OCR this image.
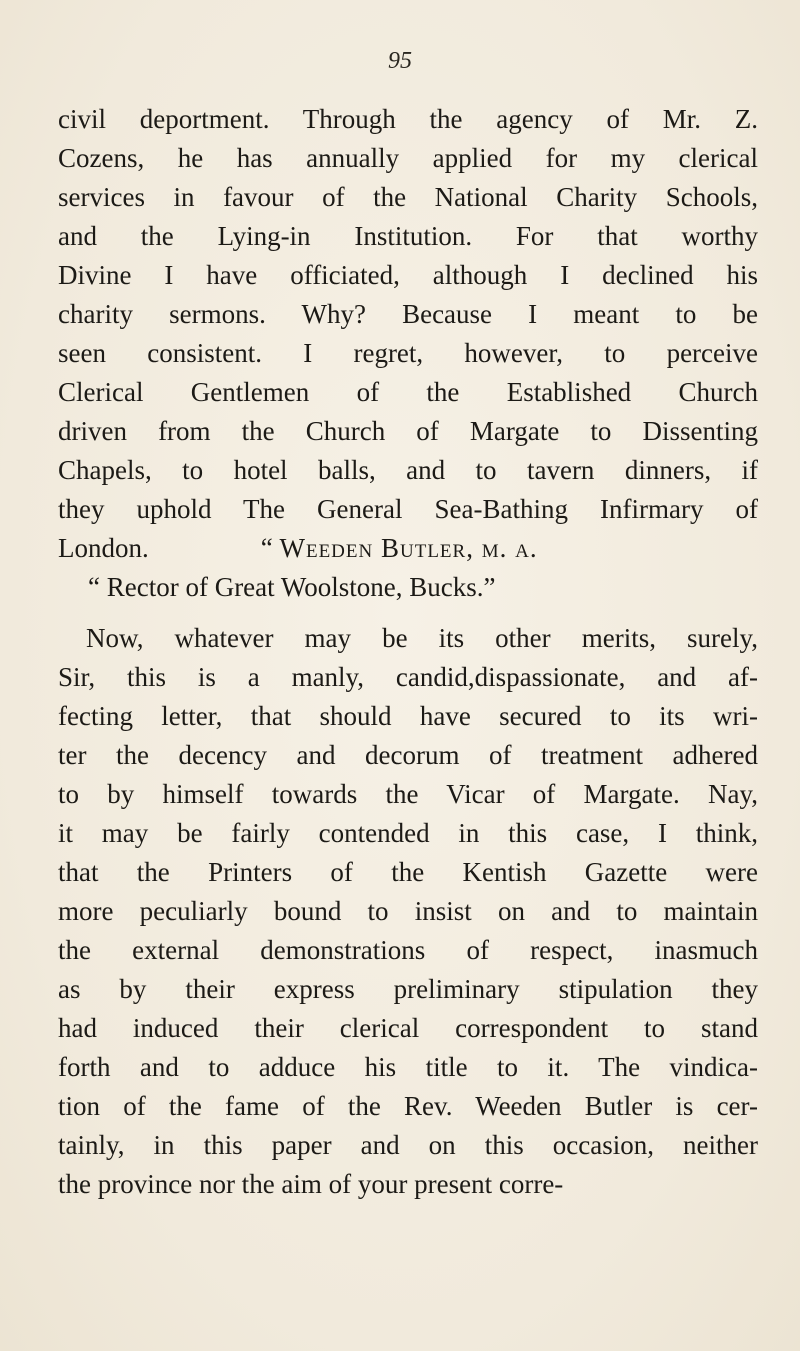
95
civil deportment. Through the agency of Mr. Z.
Cozens, he has annually applied for my clerical
services in favour of the National Charity Schools,
and the Lying-in Institution. For that worthy
Divine I have officiated, although I declined his
charity sermons. Why? Because I meant to be
seen consistent. I regret, however, to perceive
Clerical Gentlemen of the Established Church
driven from the Church of Margate to Dissenting
Chapels, to hotel balls, and to tavern dinners, if
they uphold The General Sea-Bathing Infirmary of
London.	“ Weeden Butler, m. a.
“ Rector of Great Woolstone, Bucks.”
Now, whatever may be its other merits, surely,
Sir, this is a manly, candid,dispassionate, and af-
fecting letter, that should have secured to its wri-
ter the decency and decorum of treatment adhered
to by himself towards the Vicar of Margate. Nay,
it may be fairly contended in this case, I think,
that the Printers of the Kentish Gazette were
more peculiarly bound to insist on and to maintain
the external demonstrations of respect, inasmuch
as by their express preliminary stipulation they
had induced their clerical correspondent to stand
forth and to adduce his title to it. The vindica-
tion of the fame of the Rev. Weeden Butler is cer-
tainly, in this paper and on this occasion, neither
the province nor the aim of your present corre-
